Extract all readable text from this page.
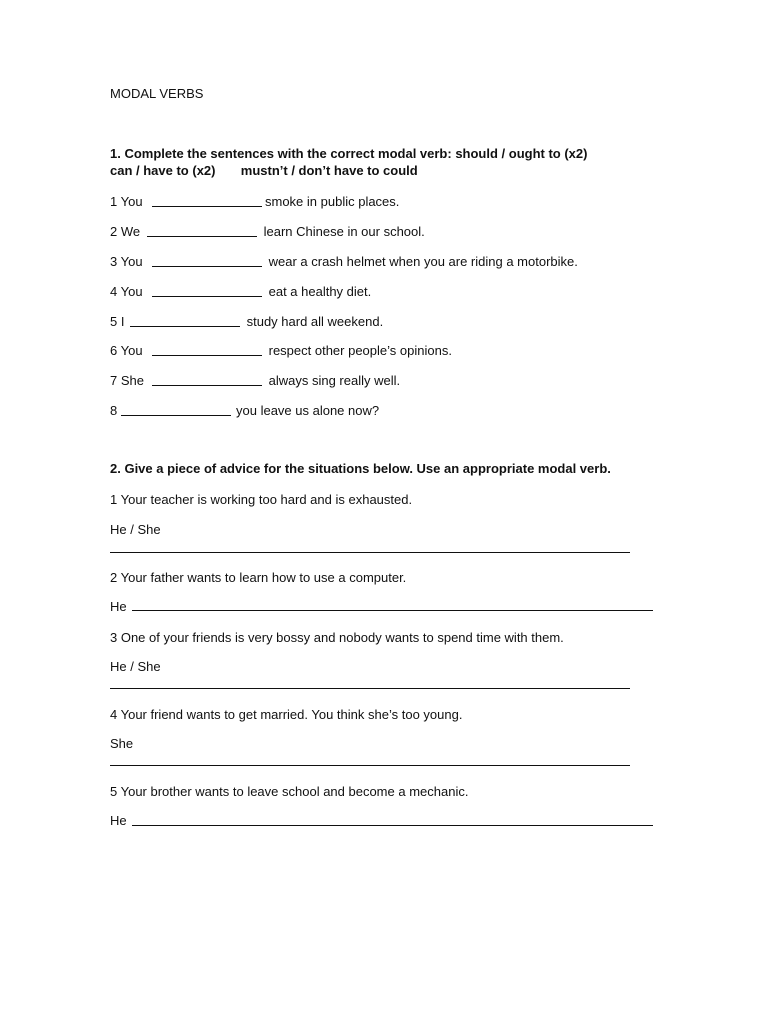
MODAL VERBS
1. Complete the sentences with the correct modal verb: should / ought to (x2)
can / have to (x2)       mustn’t / don’t have to could
1 You	smoke in public places.
2 We	learn Chinese in our school.
3 You	wear a crash helmet when you are riding a motorbike.
4 You	eat a healthy diet.
5 I	study hard all weekend.
6 You	respect other people’s opinions.
7 She	always sing really well.
8	you leave us alone now?
2. Give a piece of advice for the situations below. Use an appropriate modal verb.
1 Your teacher is working too hard and is exhausted.
He / She
2 Your father wants to learn how to use a computer.
He
3 One of your friends is very bossy and nobody wants to spend time with them.
He / She
4 Your friend wants to get married. You think she’s too young.
She
5 Your brother wants to leave school and become a mechanic.
He
